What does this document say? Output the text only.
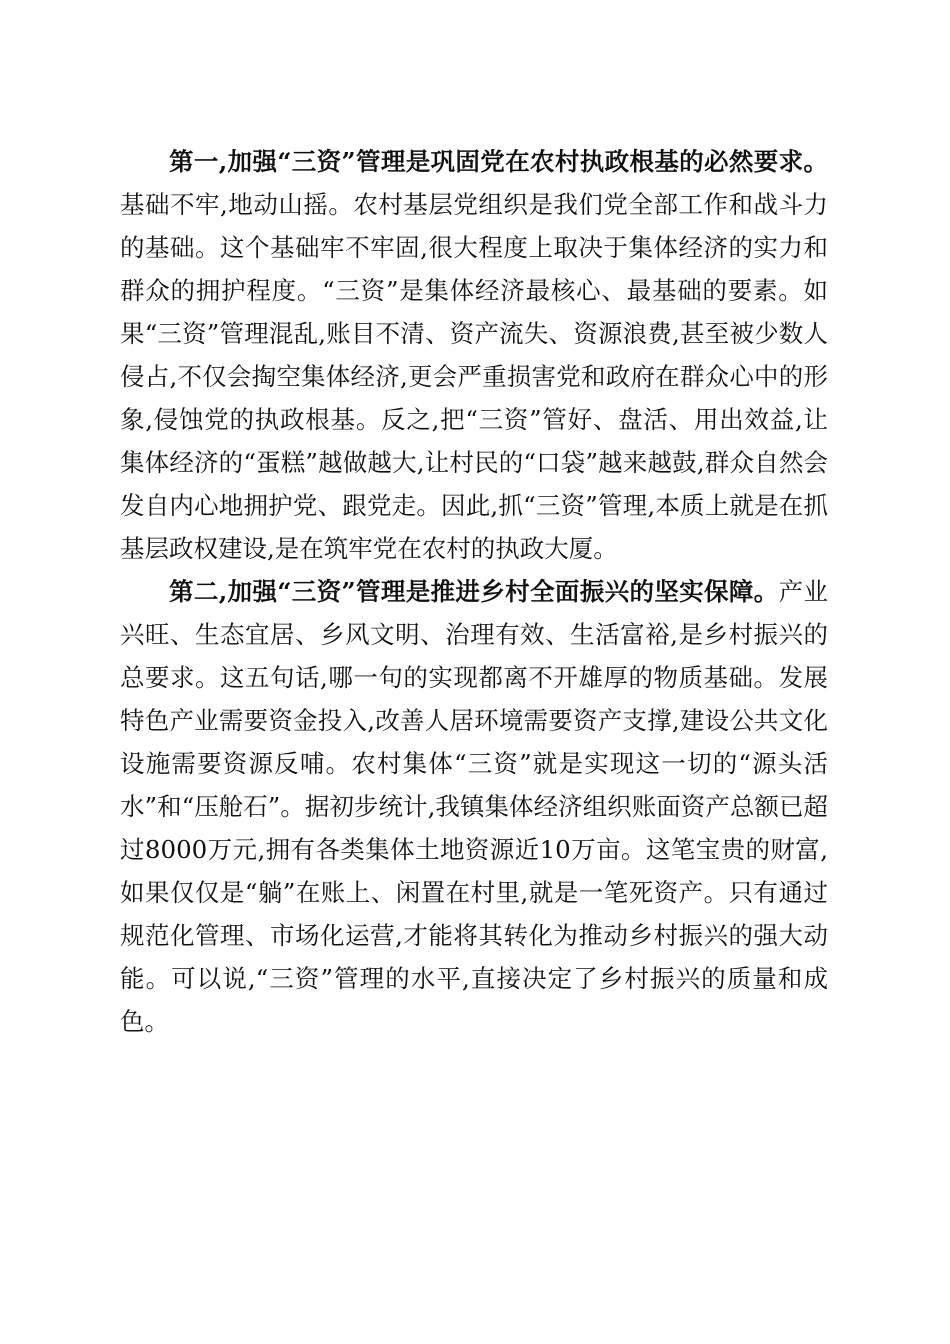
第一,加强“三资”管理是巩固党在农村执政根基的必然要求。基础不牢,地动山摇。农村基层党组织是我们党全部工作和战斗力的基础。这个基础牢不牢固,很大程度上取决于集体经济的实力和群众的拥护程度。“三资”是集体经济最核心、最基础的要素。如果“三资”管理混乱,账目不清、资产流失、资源浪费,甚至被少数人侵占,不仅会掏空集体经济,更会严重损害党和政府在群众心中的形象,侵蚀党的执政根基。反之,把“三资”管好、盘活、用出效益,让集体经济的“蛋糕”越做越大,让村民的“口袋”越来越鼓,群众自然会发自内心地拥护党、跟党走。因此,抓“三资”管理,本质上就是在抓基层政权建设,是在筑牢党在农村的执政大厦。

第二,加强“三资”管理是推进乡村全面振兴的坚实保障。产业兴旺、生态宜居、乡风文明、治理有效、生活富裕,是乡村振兴的总要求。这五句话,哪一句的实现都离不开雄厚的物质基础。发展特色产业需要资金投入,改善人居环境需要资产支撑,建设公共文化设施需要资源反哺。农村集体“三资”就是实现这一切的“源头活水”和“压舱石”。据初步统计,我镇集体经济组织账面资产总额已超过8000万元,拥有各类集体土地资源近10万亩。这笔宝贵的财富,如果仅仅是“躺”在账上、闲置在村里,就是一笔死资产。只有通过规范化管理、市场化运营,才能将其转化为推动乡村振兴的强大动能。可以说,“三资”管理的水平,直接决定了乡村振兴的质量和成色。
